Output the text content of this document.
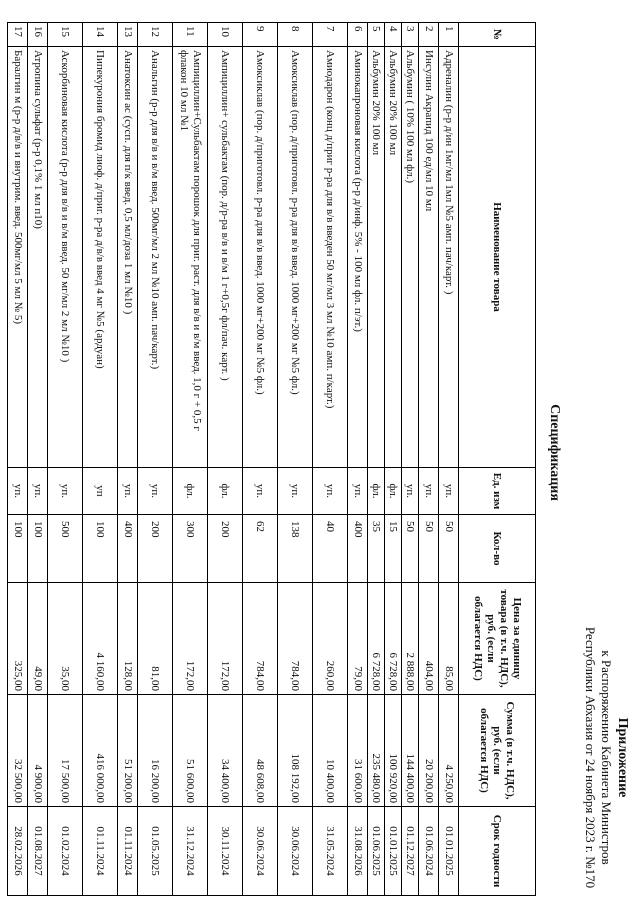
Приложение
к Распоряжению Кабинета Министров
Республики Абхазия от 24 ноября 2023 г. №170
Спецификация
№	Наименование товара	Ед. изм	Кол-во	Цена за единицу товара (в т.ч. НДС), руб. (если облагается НДС)	Сумма (в т.ч. НДС), руб. (если облагается НДС)	Срок годности
1	Адреналин (р-р д/ин 1мг/мл 1мл №5 амп. пач/карт. )	уп.	50	85,00	4 250,00	01.01.2025
2	Инсулин Акрапид 100 ед/мл 10 мл	уп.	50	404,00	20 200,00	01.06.2024
3	Альбумин ( 10% 100 мл фл.)	уп.	50	2 888,00	144 400,00	01.12.2027
4	Альбумин 20% 100 мл	фл.	15	6 728,00	100 920,00	01.01.2025
5	Альбумин 20% 100 мл	фл.	35	6 728,00	235 480,00	01.06.2025
6	Аминокапроновая кислота (р-р д/инф. 5% - 100 мл фл. п/эт.)	уп.	400	79,00	31 600,00	31.08.2026
7	Амиодарон (конц д/приг р-ра для в/в введен 50 мг/мл 3 мл №10 амп. п/карт.)	уп.	40	260,00	10 400,00	31.05.2024
8	Амоксиклав (пор. д/приготовл. р-ра для в/в введ. 1000 мг+200 мг №5 фл.)	уп.	138	784,00	108 192,00	30.06.2024
9	Амоксиклав (пор. д/приготовл. р-ра для в/в введ. 1000 мг+200 мг №5 фл.)	уп.	62	784,00	48 608,00	30.06.2024
10	Ампициллин+ сульбактам (пор. д/р-ра в/в и в/м 1 г+0,5г фл/пач. карт. )	фл.	200	172,00	34 400,00	30.11.2024
11	Ампициллин+Сульбактам порошок для приг. раст. для в/в и в/м введ. 1,0 г + 0,5 г флакон 10 мл №1	фл.	300	172,00	51 600,00	31.12.2024
12	Анальгин (р-р для в/в и в/м введ. 500мг/мл 2 мл №10 амп. пач/карт.)	уп.	200	81,00	16 200,00	01.05.2025
13	Анатоксин ас (сусп. для п/к введ. 0,5 мл/доза 1 мл №10 )	уп.	400	128,00	51 200,00	01.11.2024
14	Пипекурония бромид лиоф. д/приг. р-ра д/в/в введ 4 мг №5 (ардуан)	уп	100	4 160,00	416 000,00	01.11.2024
15	Аскорбиновая кислота (р-р для в/в и в/м введ. 50 мг/мл 2 мл №10 )	уп.	500	35,00	17 500,00	01.02.2024
16	Атропина сульфат (р-р 0,1% 1 мл п10)	уп.	100	49,00	4 900,00	01.08.2027
17	Баралгин м (р-р д/в/в и внутрим. введ. 500мг/мл 5 мл № 5)	уп.	100	325,00	32 500,00	28.02.2026
